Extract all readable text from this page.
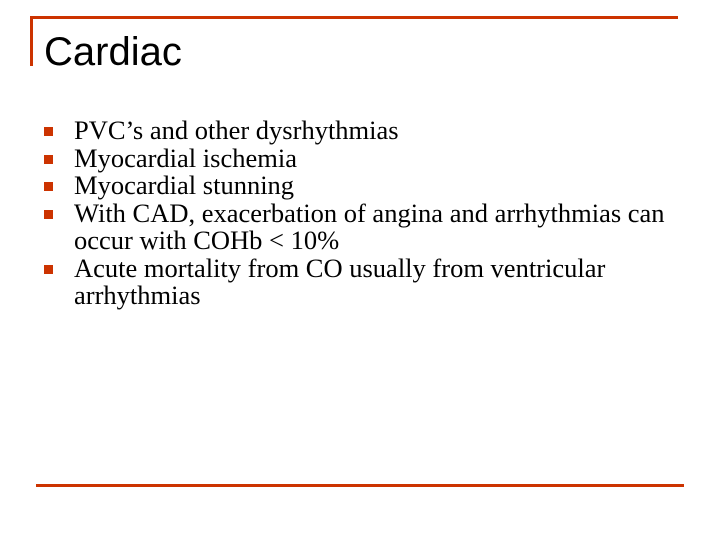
Cardiac
PVC’s and other dysrhythmias
Myocardial ischemia
Myocardial stunning
With CAD, exacerbation of angina and arrhythmias can occur with COHb < 10%
Acute mortality from CO usually from ventricular arrhythmias
